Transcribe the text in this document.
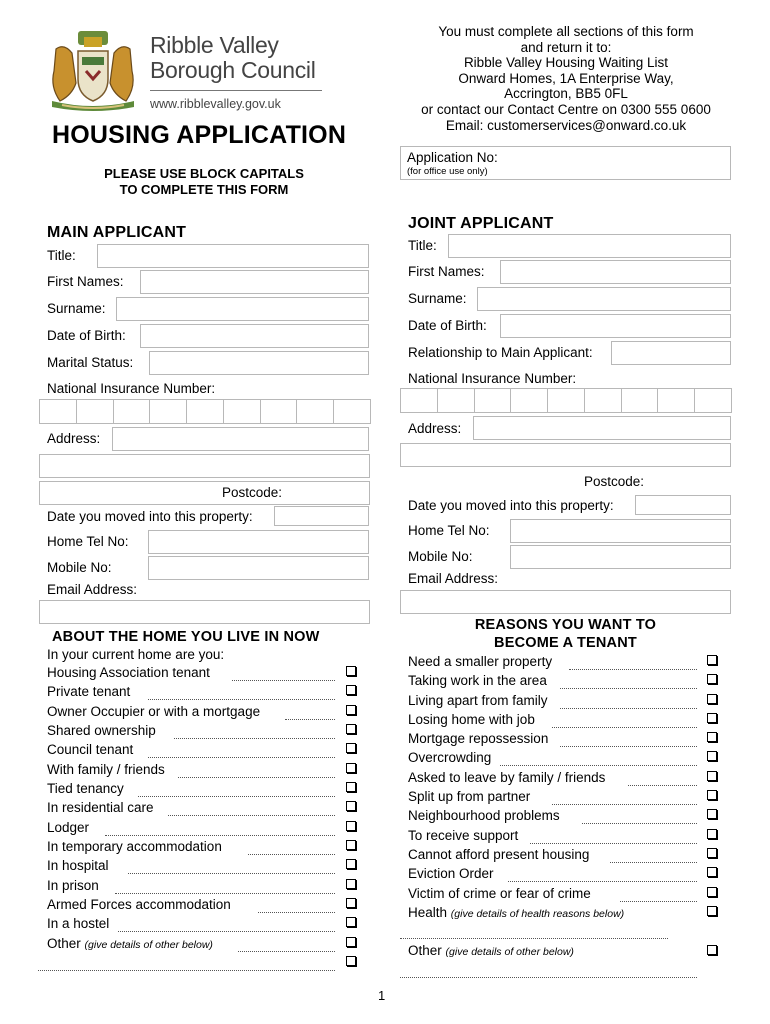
Ribble Valley
Borough Council
www.ribblevalley.gov.uk
HOUSING APPLICATION
PLEASE USE BLOCK CAPITALS
TO COMPLETE THIS FORM
You must complete all sections of this form
and return it to:
Ribble Valley Housing Waiting List
Onward Homes, 1A Enterprise Way,
Accrington, BB5 0FL
or contact our Contact Centre on 0300 555 0600
Email: customerservices@onward.co.uk
Application No:
(for office use only)
MAIN APPLICANT
Title:
First Names:
Surname:
Date of Birth:
Marital Status:
National Insurance Number:
Address:
Postcode:
Date you moved into this property:
Home Tel No:
Mobile No:
Email Address:
JOINT APPLICANT
Title:
First Names:
Surname:
Date of Birth:
Relationship to Main Applicant:
National Insurance Number:
Address:
Postcode:
Date you moved into this property:
Home Tel No:
Mobile No:
Email Address:
ABOUT THE HOME YOU LIVE IN NOW
In your current home are you:
Housing Association tenant
Private tenant
Owner Occupier or with a mortgage
Shared ownership
Council tenant
With family / friends
Tied tenancy
In residential care
Lodger
In temporary accommodation
In hospital
In prison
Armed Forces accommodation
In a hostel
Other (give details of other below)
REASONS YOU WANT TO
BECOME A TENANT
Need a smaller property
Taking work in the area
Living apart from family
Losing home with job
Mortgage repossession
Overcrowding
Asked to leave by family / friends
Split up from partner
Neighbourhood problems
To receive support
Cannot afford present housing
Eviction Order
Victim of crime or fear of crime
Health (give details of health reasons below)
Other (give details of other below)
1
